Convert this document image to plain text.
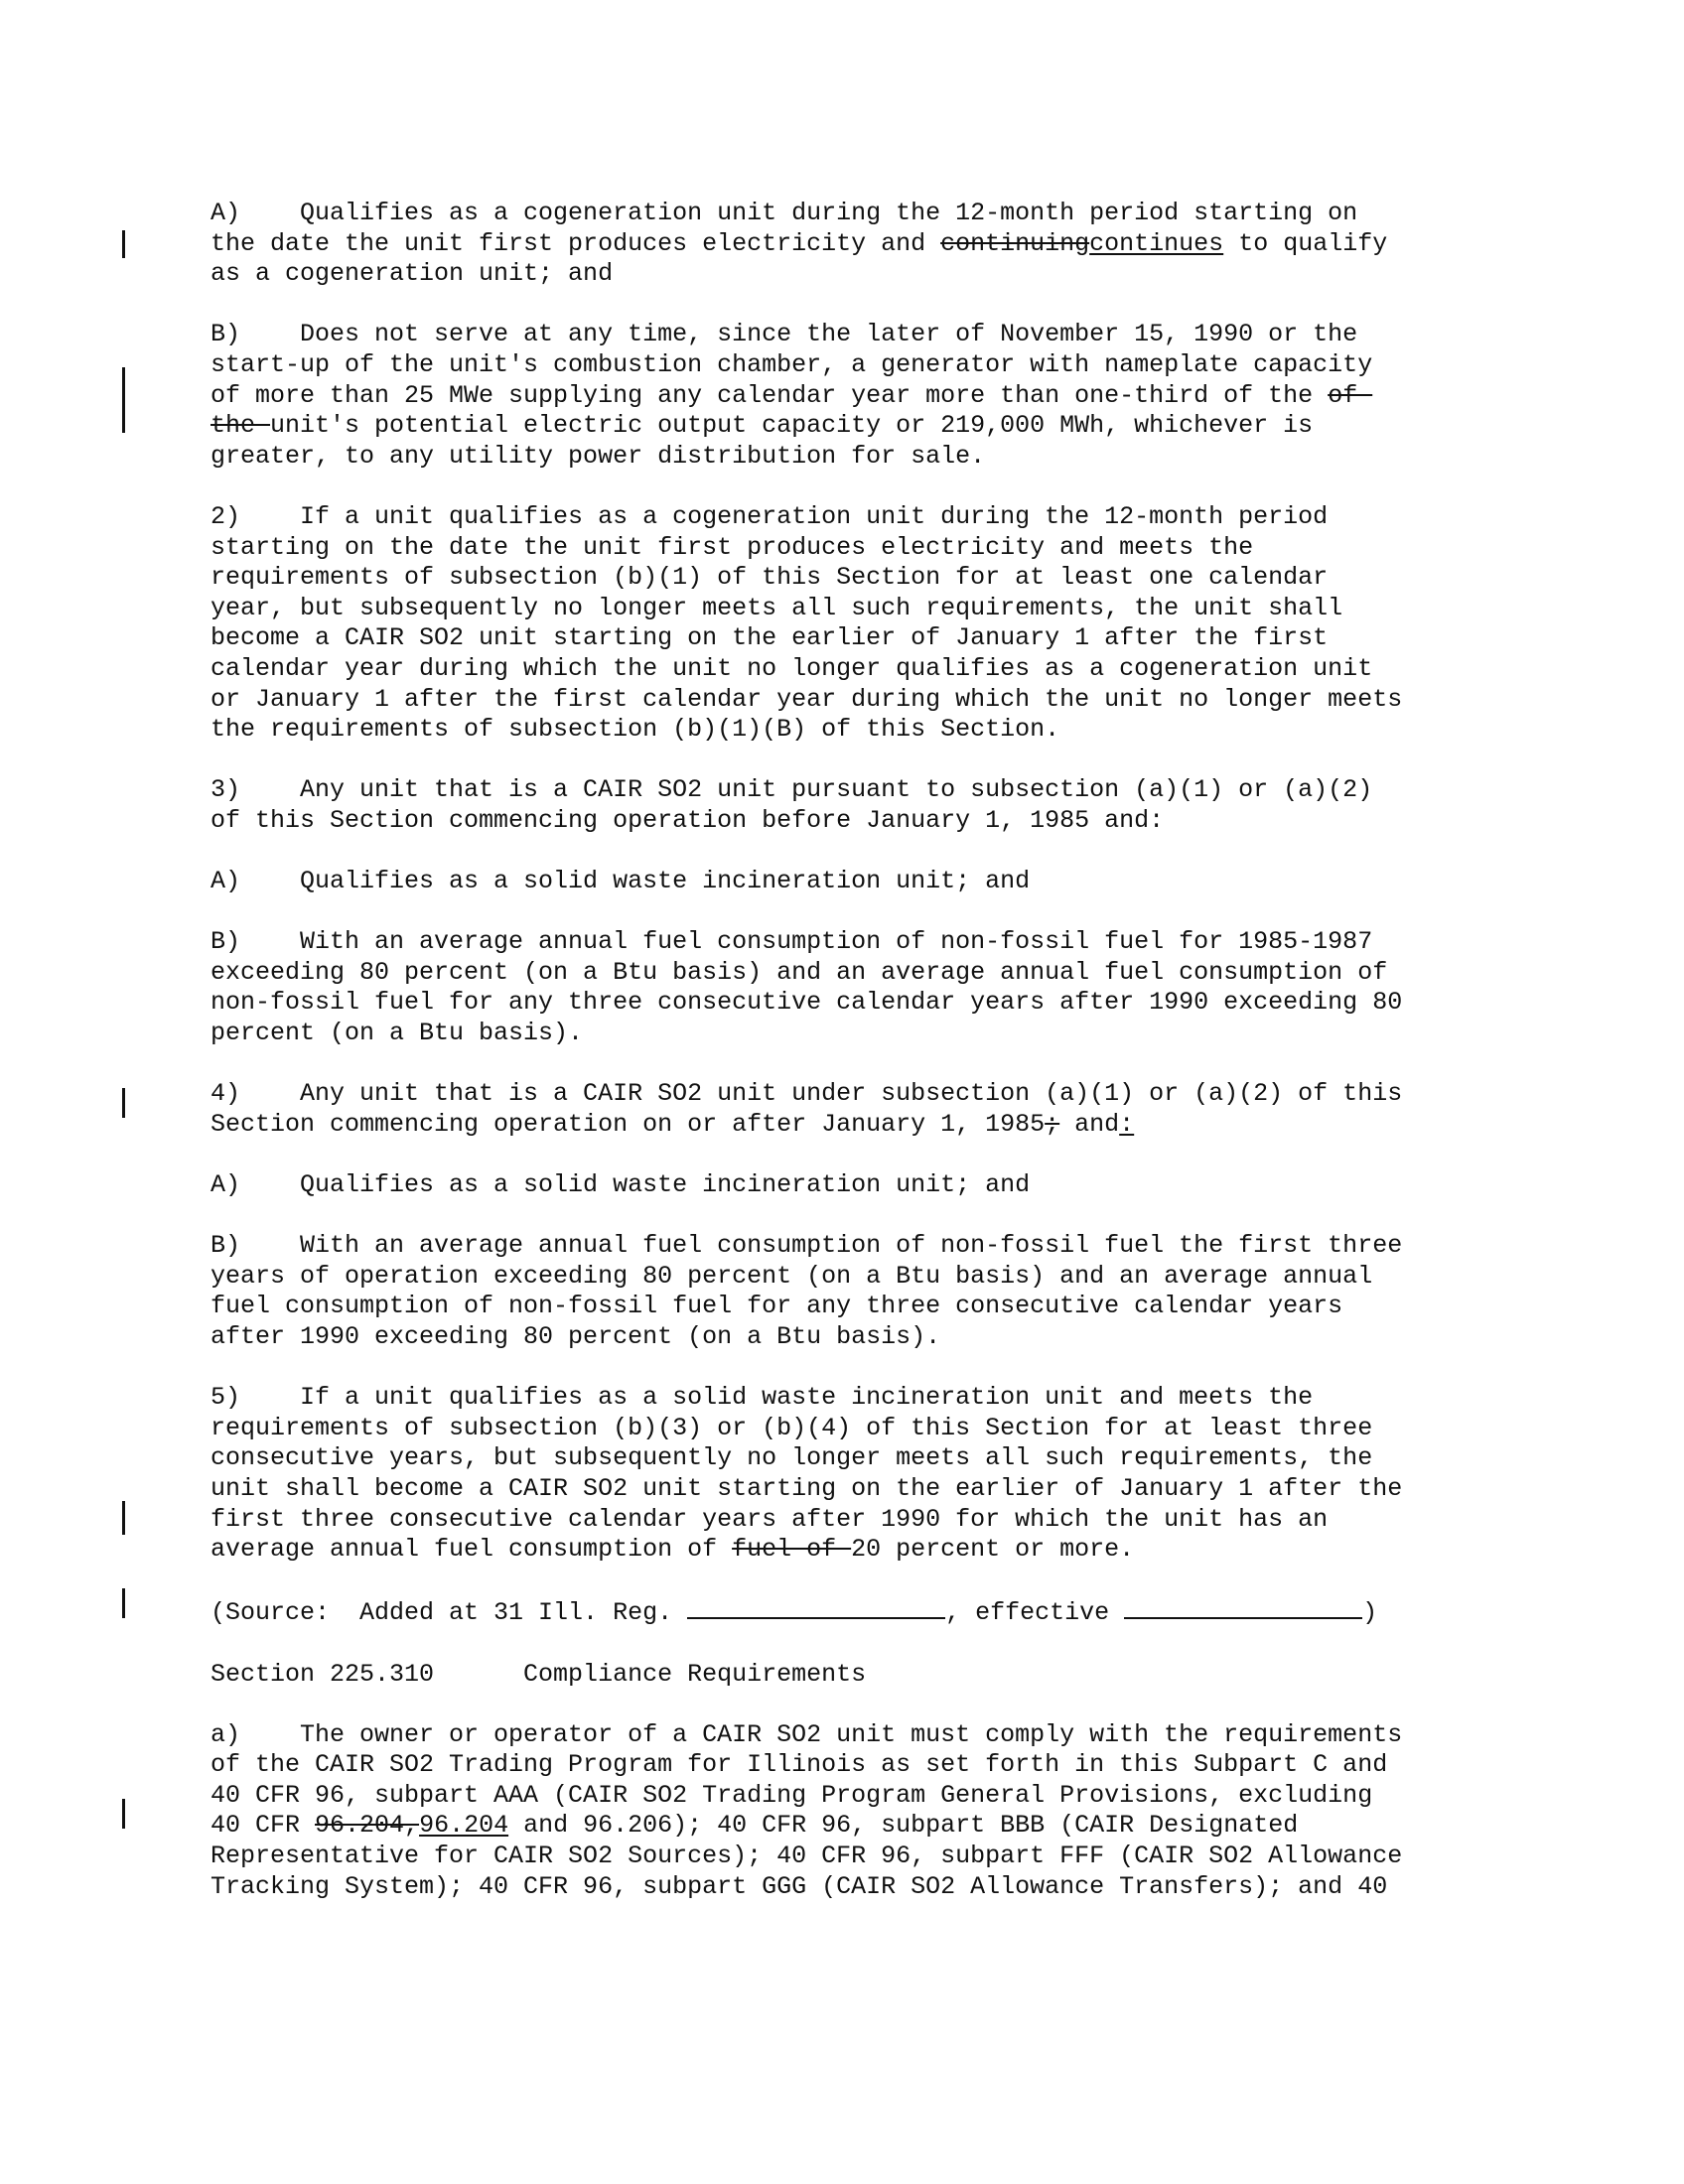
A)    Qualifies as a cogeneration unit during the 12-month period starting on
the date the unit first produces electricity and continuingcontinues to qualify
as a cogeneration unit; and
B)    Does not serve at any time, since the later of November 15, 1990 or the
start-up of the unit's combustion chamber, a generator with nameplate capacity
of more than 25 MWe supplying any calendar year more than one-third of the of
the unit's potential electric output capacity or 219,000 MWh, whichever is
greater, to any utility power distribution for sale.
2)    If a unit qualifies as a cogeneration unit during the 12-month period
starting on the date the unit first produces electricity and meets the
requirements of subsection (b)(1) of this Section for at least one calendar
year, but subsequently no longer meets all such requirements, the unit shall
become a CAIR SO2 unit starting on the earlier of January 1 after the first
calendar year during which the unit no longer qualifies as a cogeneration unit
or January 1 after the first calendar year during which the unit no longer meets
the requirements of subsection (b)(1)(B) of this Section.
3)    Any unit that is a CAIR SO2 unit pursuant to subsection (a)(1) or (a)(2)
of this Section commencing operation before January 1, 1985 and:
A)    Qualifies as a solid waste incineration unit; and
B)    With an average annual fuel consumption of non-fossil fuel for 1985-1987
exceeding 80 percent (on a Btu basis) and an average annual fuel consumption of
non-fossil fuel for any three consecutive calendar years after 1990 exceeding 80
percent (on a Btu basis).
4)    Any unit that is a CAIR SO2 unit under subsection (a)(1) or (a)(2) of this
Section commencing operation on or after January 1, 1985; and:
A)    Qualifies as a solid waste incineration unit; and
B)    With an average annual fuel consumption of non-fossil fuel the first three
years of operation exceeding 80 percent (on a Btu basis) and an average annual
fuel consumption of non-fossil fuel for any three consecutive calendar years
after 1990 exceeding 80 percent (on a Btu basis).
5)    If a unit qualifies as a solid waste incineration unit and meets the
requirements of subsection (b)(3) or (b)(4) of this Section for at least three
consecutive years, but subsequently no longer meets all such requirements, the
unit shall become a CAIR SO2 unit starting on the earlier of January 1 after the
first three consecutive calendar years after 1990 for which the unit has an
average annual fuel consumption of fuel of 20 percent or more.
(Source:  Added at 31 Ill. Reg.	, effective	)
Section 225.310      Compliance Requirements
a)    The owner or operator of a CAIR SO2 unit must comply with the requirements
of the CAIR SO2 Trading Program for Illinois as set forth in this Subpart C and
40 CFR 96, subpart AAA (CAIR SO2 Trading Program General Provisions, excluding
40 CFR 96.204,96.204 and 96.206); 40 CFR 96, subpart BBB (CAIR Designated
Representative for CAIR SO2 Sources); 40 CFR 96, subpart FFF (CAIR SO2 Allowance
Tracking System); 40 CFR 96, subpart GGG (CAIR SO2 Allowance Transfers); and 40
